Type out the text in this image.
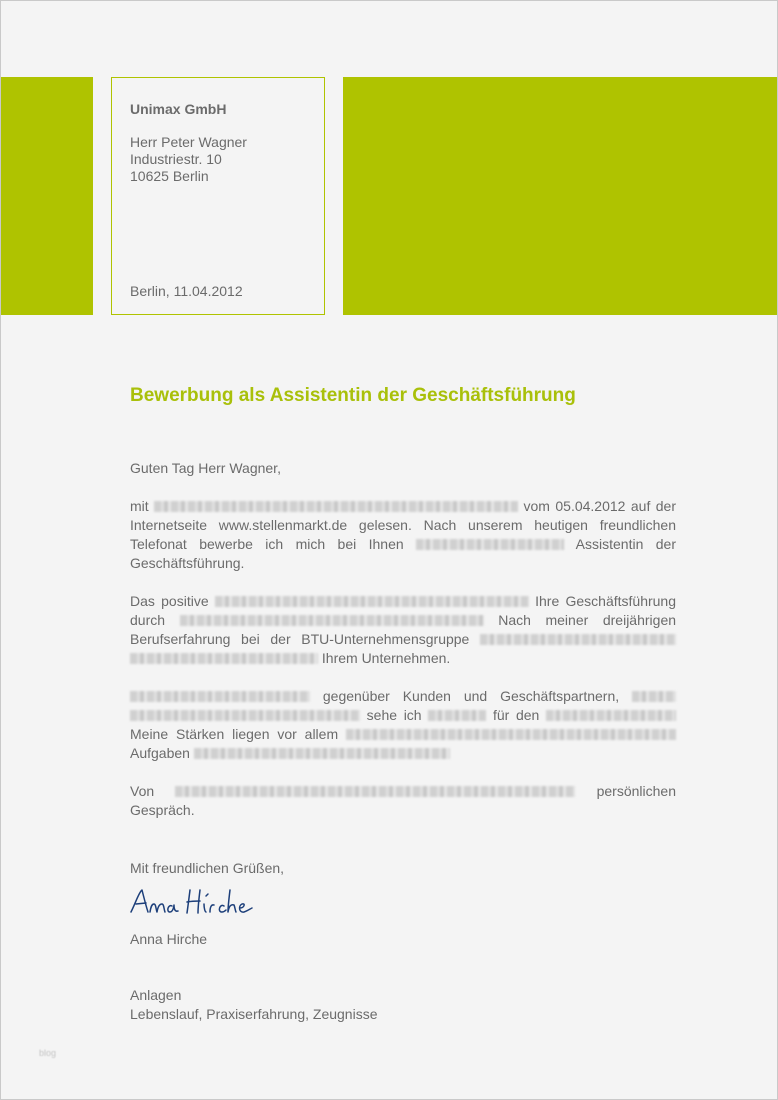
Unimax GmbH
Herr Peter Wagner
Industriestr. 10
10625 Berlin
Berlin, 11.04.2012
Bewerbung als Assistentin der Geschäftsführung
Guten Tag Herr Wagner,
mit	vom 05.04.2012 auf der Internetseite www.stellenmarkt.de gelesen. Nach unserem heutigen freundlichen Telefonat bewerbe ich mich bei Ihnen	Assistentin der Geschäftsführung.
Das positive	Ihre Geschäftsführung durch	Nach meiner dreijährigen Berufserfahrung bei der BTU-Unternehmensgruppe   Ihrem Unternehmen.
gegenüber Kunden und Geschäftspartnern,   sehe ich	für den  Meine Stärken liegen vor allem  Aufgaben
Von	persönlichen Gespräch.
Mit freundlichen Grüßen,
Anna Hirche
Anlagen
Lebenslauf, Praxiserfahrung, Zeugnisse
blog
